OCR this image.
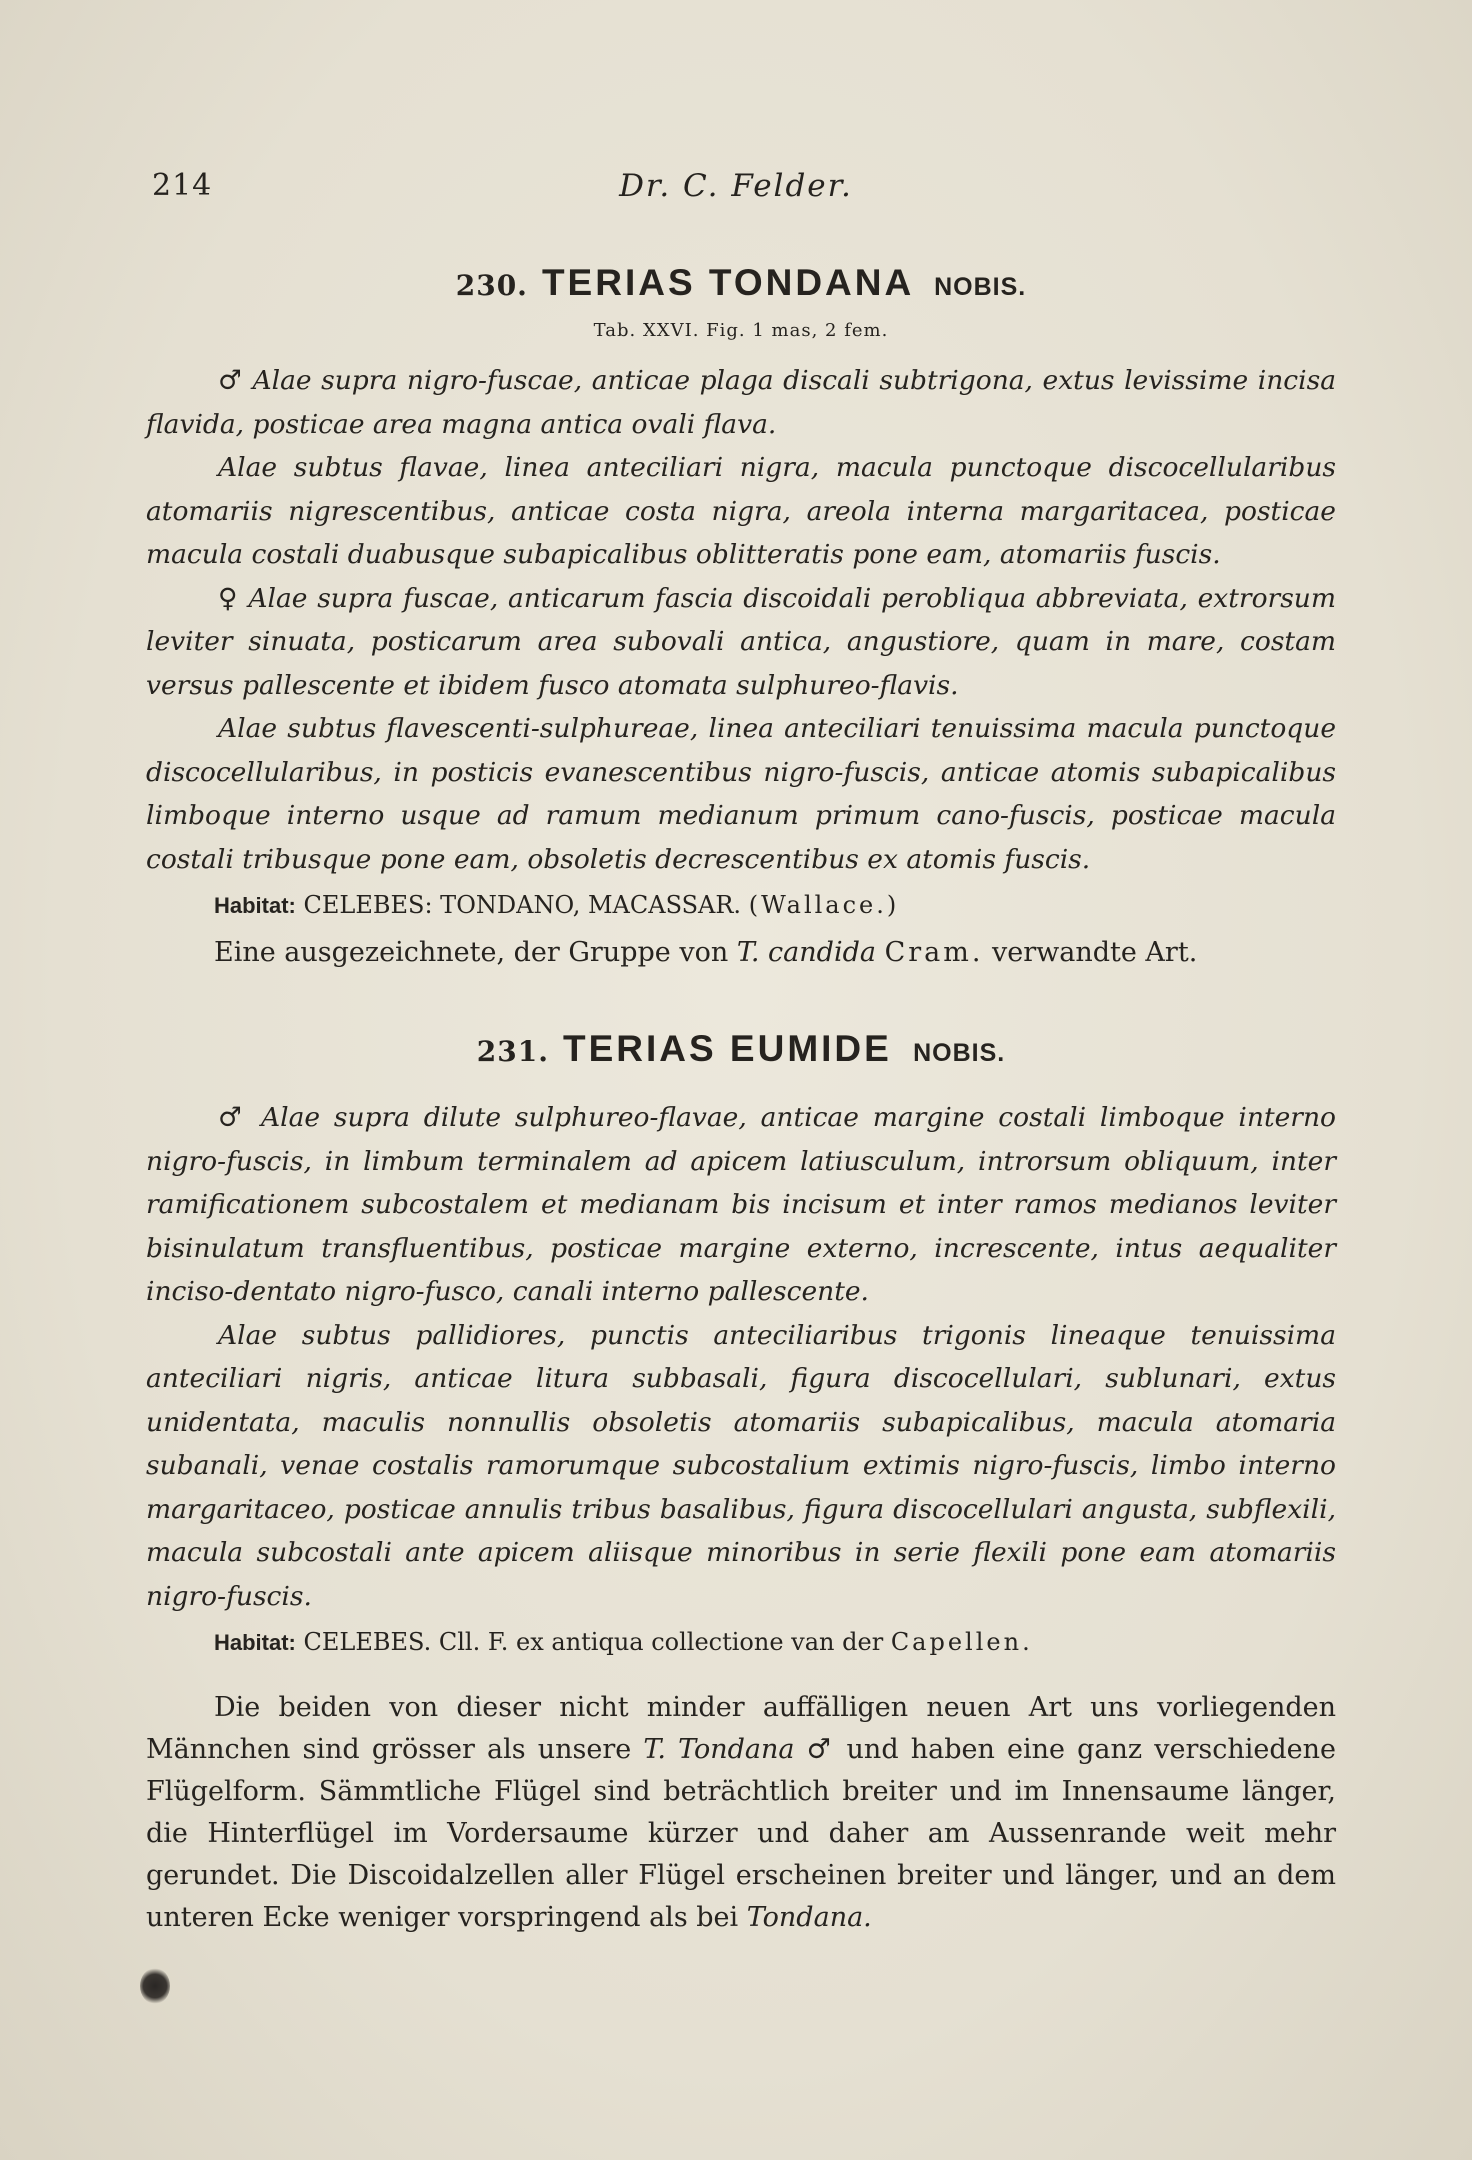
214	Dr. C. Felder.
230. TERIAS TONDANA NOBIS.
Tab. XXVI. Fig. 1 mas, 2 fem.

♂ Alae supra nigro-fuscae, anticae plaga discali subtrigona, extus levissime incisa flavida, posticae area magna antica ovali flava.

Alae subtus flavae, linea anteciliari nigra, macula punctoque discocellularibus atomariis nigrescentibus, anticae costa nigra, areola interna margaritacea, posticae macula costali duabusque subapicalibus oblitteratis pone eam, atomariis fuscis.

♀ Alae supra fuscae, anticarum fascia discoidali perobliqua abbreviata, extrorsum leviter sinuata, posticarum area subovali antica, angustiore, quam in mare, costam versus pallescente et ibidem fusco atomata sulphureo-flavis.

Alae subtus flavescenti-sulphureae, linea anteciliari tenuissima macula punctoque discocellularibus, in posticis evanescentibus nigro-fuscis, anticae atomis subapicalibus limboque interno usque ad ramum medianum primum cano-fuscis, posticae macula costali tribusque pone eam, obsoletis decrescentibus ex atomis fuscis.

Habitat: CELEBES: TONDANO, MACASSAR. (Wallace.)

Eine ausgezeichnete, der Gruppe von T. candida Cram. verwandte Art.

231. TERIAS EUMIDE NOBIS.

♂ Alae supra dilute sulphureo-flavae, anticae margine costali limboque interno nigro-fuscis, in limbum terminalem ad apicem latiusculum, introrsum obliquum, inter ramificationem subcostalem et medianam bis incisum et inter ramos medianos leviter bisinulatum transfluentibus, posticae margine externo, increscente, intus aequaliter inciso-dentato nigro-fusco, canali interno pallescente.

Alae subtus pallidiores, punctis anteciliaribus trigonis lineaque tenuissima anteciliari nigris, anticae litura subbasali, figura discocellulari, sublunari, extus unidentata, maculis nonnullis obsoletis atomariis subapicalibus, macula atomaria subanali, venae costalis ramorumque subcostalium extimis nigro-fuscis, limbo interno margaritaceo, posticae annulis tribus basalibus, figura discocellulari angusta, subflexili, macula subcostali ante apicem aliisque minoribus in serie flexili pone eam atomariis nigro-fuscis.

Habitat: CELEBES. Cll. F. ex antiqua collectione van der Capellen.

Die beiden von dieser nicht minder auffälligen neuen Art uns vorliegenden Männchen sind grösser als unsere T. Tondana ♂ und haben eine ganz verschiedene Flügelform. Sämmtliche Flügel sind beträchtlich breiter und im Innensaume länger, die Hinterflügel im Vordersaume kürzer und daher am Aussenrande weit mehr gerundet. Die Discoidalzellen aller Flügel erscheinen breiter und länger, und an dem unteren Ecke weniger vorspringend als bei Tondana.
